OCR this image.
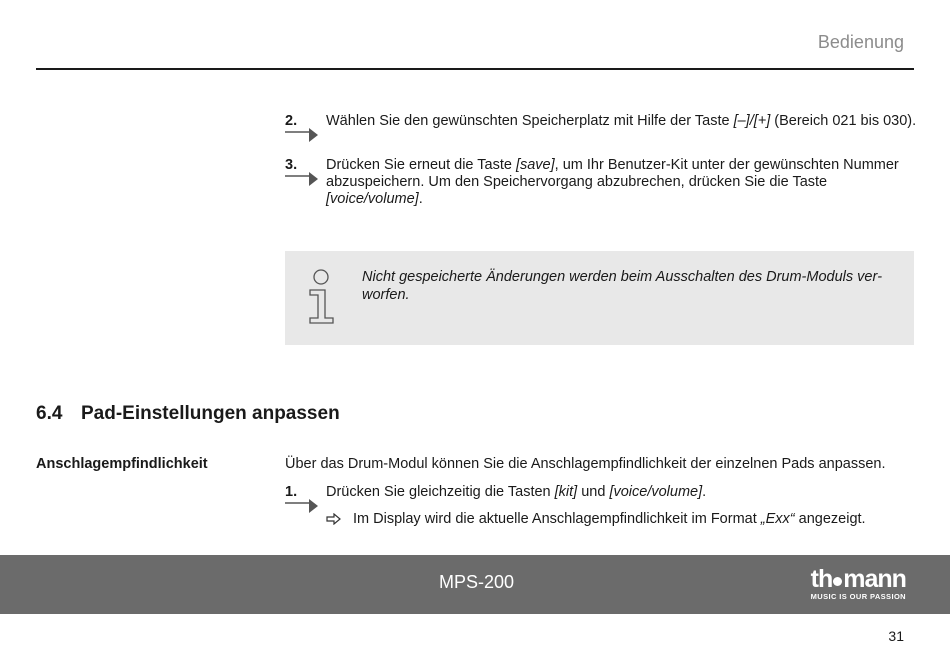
Bedienung
2. Wählen Sie den gewünschten Speicherplatz mit Hilfe der Taste [–]/[+] (Bereich 021 bis 030).
3. Drücken Sie erneut die Taste [save], um Ihr Benutzer-Kit unter der gewünschten Nummer abzuspeichern. Um den Speichervorgang abzubrechen, drücken Sie die Taste [voice/volume].
Nicht gespeicherte Änderungen werden beim Ausschalten des Drum-Moduls verworfen.
6.4 Pad-Einstellungen anpassen
Anschlagempfindlichkeit	Über das Drum-Modul können Sie die Anschlagempfindlichkeit der einzelnen Pads anpassen.
1. Drücken Sie gleichzeitig die Tasten [kit] und [voice/volume].
Im Display wird die aktuelle Anschlagempfindlichkeit im Format „Exx“ angezeigt.
MPS-200	th mann
MUSIC IS OUR PASSION
31
